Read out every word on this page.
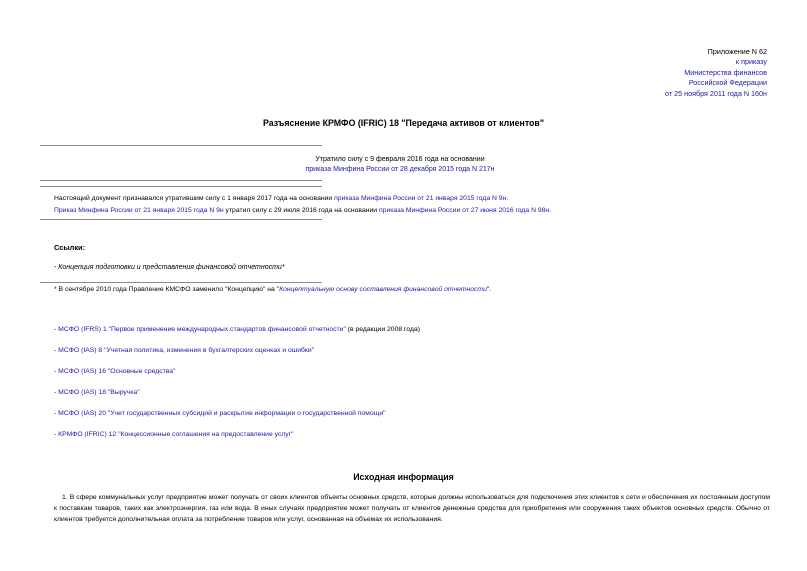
Приложение N 62
к приказу
Министерства финансов
Российской Федерации
от 25 ноября 2011 года N 160н
Разъяснение КРМФО (IFRIC) 18 "Передача активов от клиентов"
Утратило силу с 9 февраля 2016 года на основании
приказа Минфина России от 28 декабря 2015 года N 217н
Настоящий документ признавался утратившим силу с 1 января 2017 года на основании приказа Минфина России от 21 января 2015 года N 9н.
Приказ Минфина России от 21 января 2015 года N 9н утратил силу с 29 июля 2016 года на основании приказа Минфина России от 27 июня 2016 года N 98н.
Ссылки:
- Концепция подготовки и представления финансовой отчетности*
* В сентябре 2010 года Правление КМСФО заменило "Концепцию" на "Концептуальную основу составления финансовой отчетности".
- МСФО (IFRS) 1 "Первое применение международных стандартов финансовой отчетности" (в редакции 2008 года)
- МСФО (IAS) 8 "Учетная политика, изменения в бухгалтерских оценках и ошибки"
- МСФО (IAS) 16 "Основные средства"
- МСФО (IAS) 18 "Выручка"
- МСФО (IAS) 20 "Учет государственных субсидий и раскрытие информации о государственной помощи"
- КРМФО (IFRIC) 12 "Концессионные соглашения на предоставление услуг"
Исходная информация
1. В сфере коммунальных услуг предприятие может получать от своих клиентов объекты основных средств, которые должны использоваться для подключения этих клиентов к сети и обеспечения их постоянным доступом к поставкам товаров, таких как электроэнергия, газ или вода. В иных случаях предприятие может получать от клиентов денежные средства для приобретения или сооружения таких объектов основных средств. Обычно от клиентов требуется дополнительная оплата за потребление товаров или услуг, основанная на объемах их использования.
